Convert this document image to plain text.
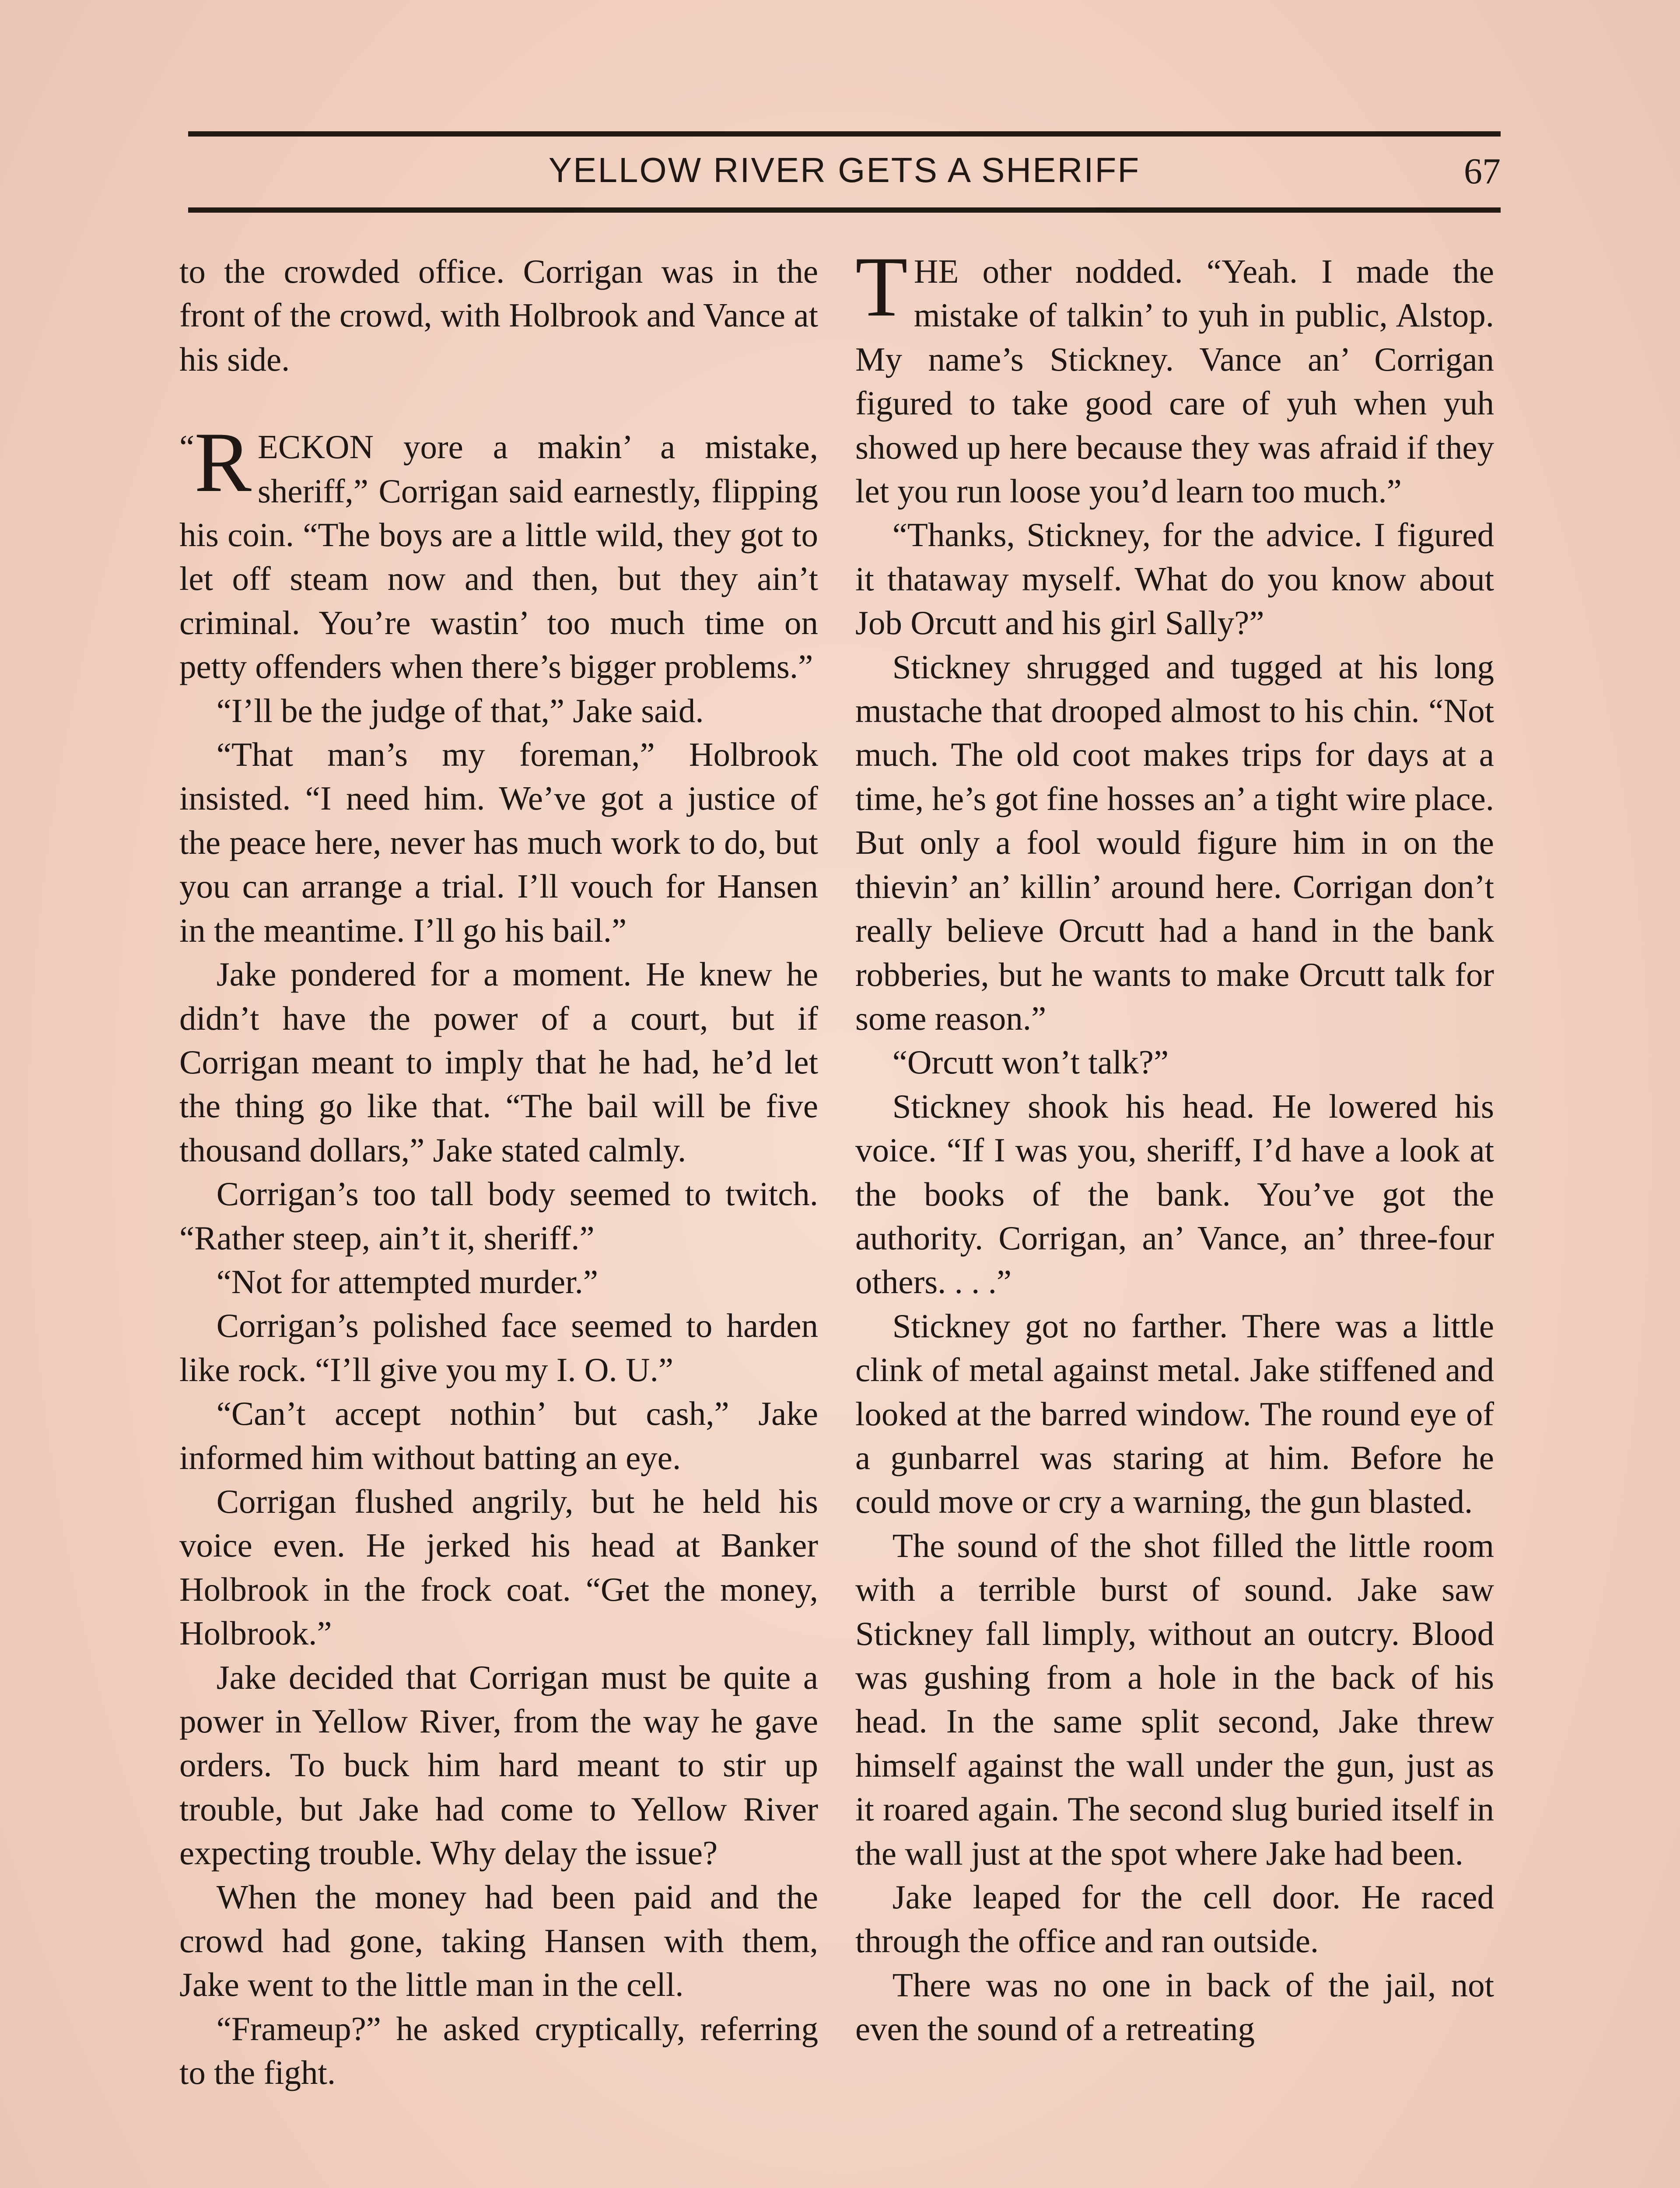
YELLOW RIVER GETS A SHERIFF	67

to the crowded office. Corrigan was in the front of the crowd, with Holbrook and Vance at his side.

“ R ECKON yore a makin’ a mistake, sheriff,” Corrigan said earnestly, flipping his coin. “The boys are a little wild, they got to let off steam now and then, but they ain’t criminal. You’re wastin’ too much time on petty offenders when there’s bigger problems.”

“I’ll be the judge of that,” Jake said.

“That man’s my foreman,” Holbrook insisted. “I need him. We’ve got a justice of the peace here, never has much work to do, but you can arrange a trial. I’ll vouch for Hansen in the meantime. I’ll go his bail.”

Jake pondered for a moment. He knew he didn’t have the power of a court, but if Corrigan meant to imply that he had, he’d let the thing go like that. “The bail will be five thousand dollars,” Jake stated calmly.

Corrigan’s too tall body seemed to twitch. “Rather steep, ain’t it, sheriff.”

“Not for attempted murder.”

Corrigan’s polished face seemed to harden like rock. “I’ll give you my I. O. U.”

“Can’t accept nothin’ but cash,” Jake informed him without batting an eye.

Corrigan flushed angrily, but he held his voice even. He jerked his head at Banker Holbrook in the frock coat. “Get the money, Holbrook.”

Jake decided that Corrigan must be quite a power in Yellow River, from the way he gave orders. To buck him hard meant to stir up trouble, but Jake had come to Yellow River expecting trouble. Why delay the issue?

When the money had been paid and the crowd had gone, taking Hansen with them, Jake went to the little man in the cell.

“Frameup?” he asked cryptically, referring to the fight.

THE other nodded. “Yeah. I made the mistake of talkin’ to yuh in public, Alstop. My name’s Stickney. Vance an’ Corrigan figured to take good care of yuh when yuh showed up here because they was afraid if they let you run loose you’d learn too much.”

“Thanks, Stickney, for the advice. I figured it thataway myself. What do you know about Job Orcutt and his girl Sally?”

Stickney shrugged and tugged at his long mustache that drooped almost to his chin. “Not much. The old coot makes trips for days at a time, he’s got fine hosses an’ a tight wire place. But only a fool would figure him in on the thievin’ an’ killin’ around here. Corrigan don’t really believe Orcutt had a hand in the bank robberies, but he wants to make Orcutt talk for some reason.”

“Orcutt won’t talk?”

Stickney shook his head. He lowered his voice. “If I was you, sheriff, I’d have a look at the books of the bank. You’ve got the authority. Corrigan, an’ Vance, an’ three-four others. . . .”

Stickney got no farther. There was a little clink of metal against metal. Jake stiffened and looked at the barred window. The round eye of a gunbarrel was staring at him. Before he could move or cry a warning, the gun blasted.

The sound of the shot filled the little room with a terrible burst of sound. Jake saw Stickney fall limply, without an outcry. Blood was gushing from a hole in the back of his head. In the same split second, Jake threw himself against the wall under the gun, just as it roared again. The second slug buried itself in the wall just at the spot where Jake had been.

Jake leaped for the cell door. He raced through the office and ran outside.

There was no one in back of the jail, not even the sound of a retreating
